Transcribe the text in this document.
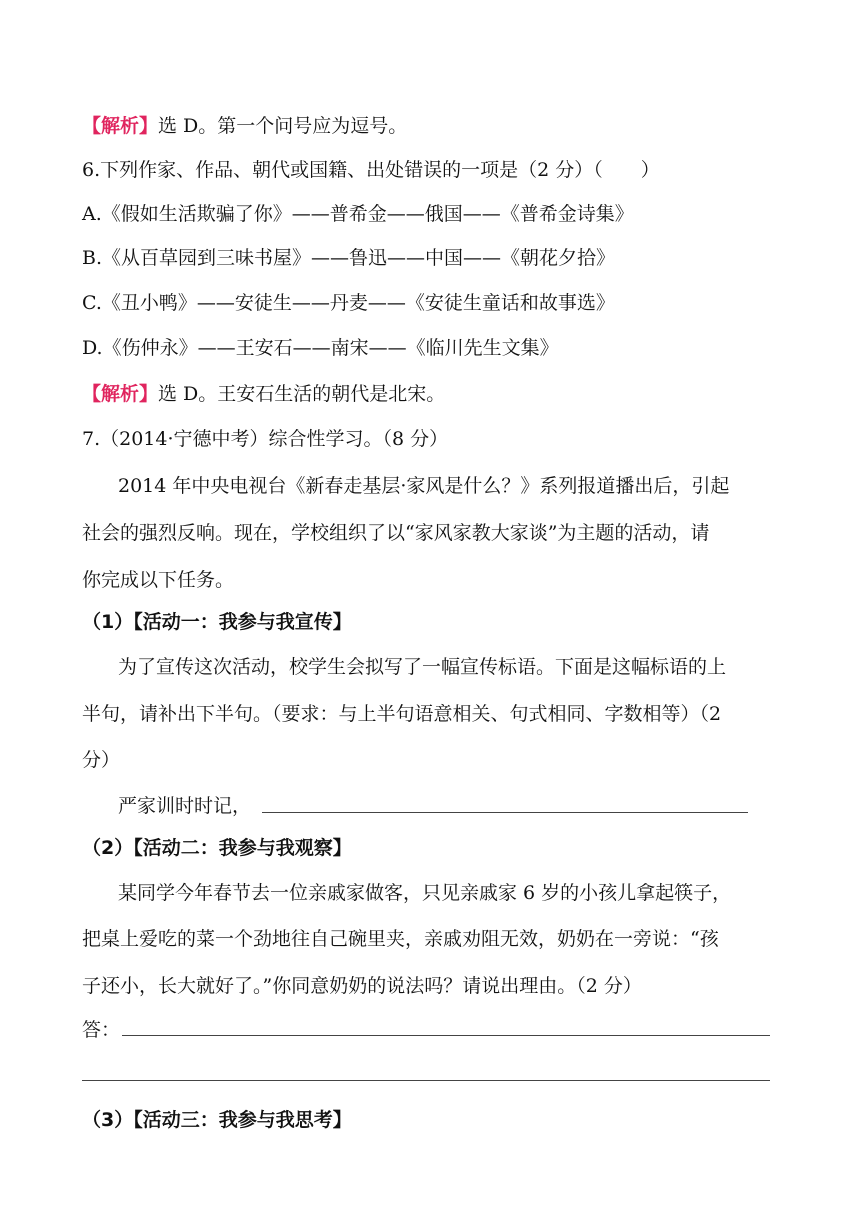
【解析】选 D。第一个问号应为逗号。
6.下列作家、作品、朝代或国籍、出处错误的一项是（2 分）（　　）
A.《假如生活欺骗了你》——普希金——俄国——《普希金诗集》
B.《从百草园到三味书屋》——鲁迅——中国——《朝花夕拾》
C.《丑小鸭》——安徒生——丹麦——《安徒生童话和故事选》
D.《伤仲永》——王安石——南宋——《临川先生文集》
【解析】选 D。王安石生活的朝代是北宋。
7.（2014·宁德中考）综合性学习。（8 分）
2014 年中央电视台《新春走基层·家风是什么？》系列报道播出后，引起
社会的强烈反响。现在，学校组织了以“家风家教大家谈”为主题的活动，请
你完成以下任务。
（1）【活动一：我参与我宣传】
为了宣传这次活动，校学生会拟写了一幅宣传标语。下面是这幅标语的上
半句，请补出下半句。（要求：与上半句语意相关、句式相同、字数相等）（2
分）
严家训时时记，
（2）【活动二：我参与我观察】
某同学今年春节去一位亲戚家做客，只见亲戚家 6 岁的小孩儿拿起筷子，
把桌上爱吃的菜一个劲地往自己碗里夹，亲戚劝阻无效，奶奶在一旁说：“孩
子还小，长大就好了。”你同意奶奶的说法吗？请说出理由。（2 分）
答：
（3）【活动三：我参与我思考】
